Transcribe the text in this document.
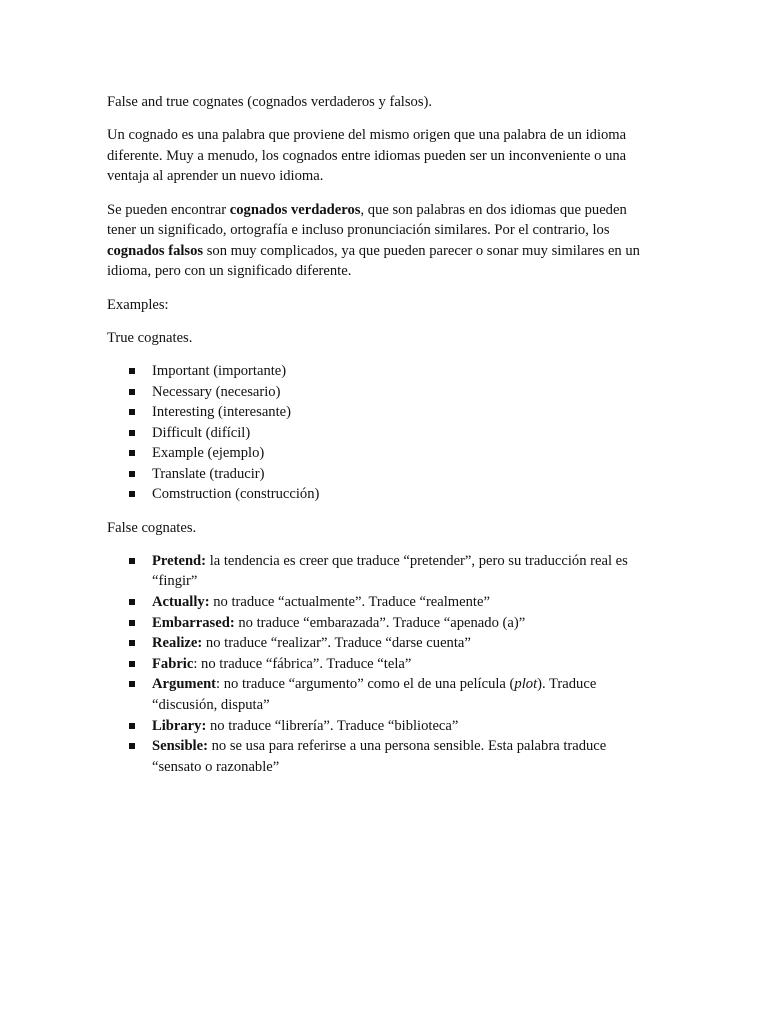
False and true cognates (cognados verdaderos y falsos).

Un cognado es una palabra que proviene del mismo origen que una palabra de un idioma
diferente. Muy a menudo, los cognados entre idiomas pueden ser un inconveniente o una
ventaja al aprender un nuevo idioma.

Se pueden encontrar cognados verdaderos, que son palabras en dos idiomas que pueden
tener un significado, ortografía e incluso pronunciación similares. Por el contrario, los
cognados falsos son muy complicados, ya que pueden parecer o sonar muy similares en un
idioma, pero con un significado diferente.

Examples:

True cognates.

Important (importante)
Necessary (necesario)
Interesting (interesante)
Difficult (difícil)
Example (ejemplo)
Translate (traducir)
Comstruction (construcción)

False cognates.

Pretend: la tendencia es creer que traduce “pretender”, pero su traducción real es
“fingir”
Actually: no traduce “actualmente”. Traduce “realmente”
Embarrased: no traduce “embarazada”. Traduce “apenado (a)”
Realize: no traduce “realizar”. Traduce “darse cuenta”
Fabric: no traduce “fábrica”. Traduce “tela”
Argument: no traduce “argumento” como el de una película (plot). Traduce
“discusión, disputa”
Library: no traduce “librería”. Traduce “biblioteca”
Sensible: no se usa para referirse a una persona sensible. Esta palabra traduce
“sensato o razonable”
